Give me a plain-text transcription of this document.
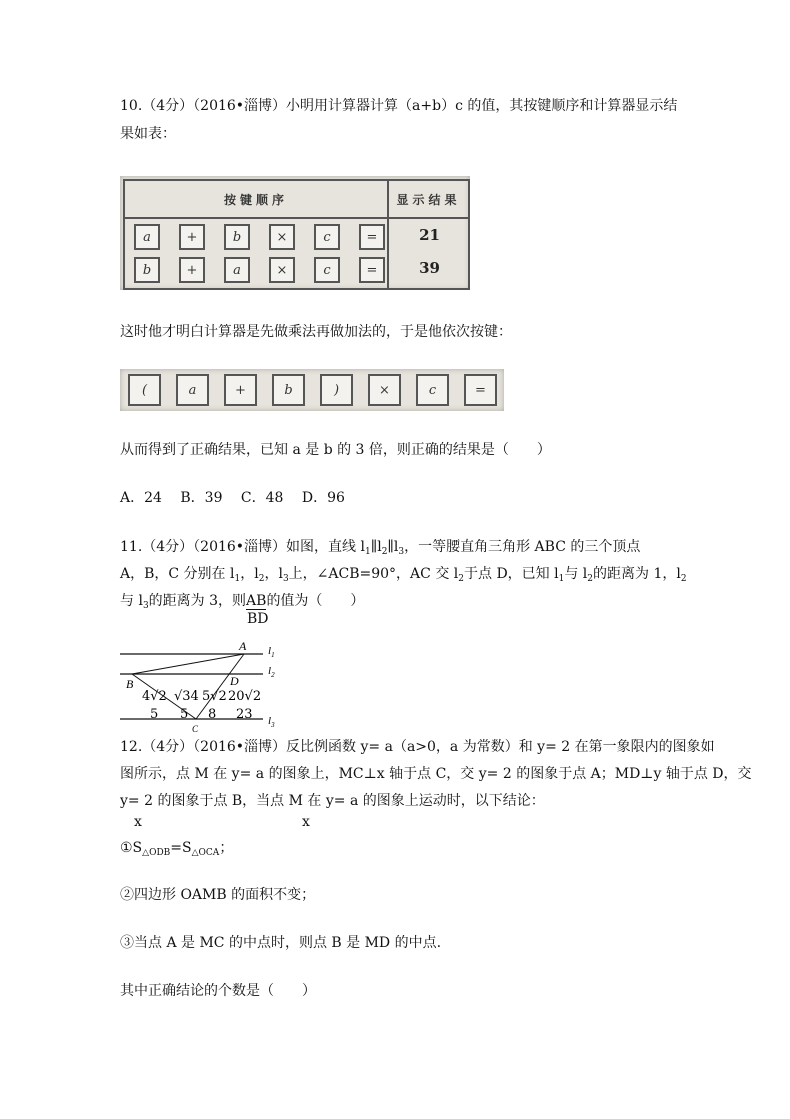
10.（4分）（2016•淄博）小明用计算器计算（a+b）c 的值，其按键顺序和计算器显示结
果如表：
按键顺序	显示结果
a	+	b	×	c	=	21
b	+	a	×	c	=	39
这时他才明白计算器是先做乘法再做加法的，于是他依次按键：
(	a	+	b	)	×	c	=
从而得到了正确结果，已知 a 是 b 的 3 倍，则正确的结果是（　　）
A．24　 B．39　 C．48　 D．96
11.（4分）（2016•淄博）如图，直线 $l_1\parallel l_2\parallel l_3$，一等腰直角三角形 ABC 的三个顶点
A，B，C 分别在 $l_1$，$l_2$，$l_3$上，∠ACB=90°，AC 交 $l_2$于点 D，已知 $l_1$与 $l_2$的距离为 1，$l_2$
与 $l_3$的距离为 3，则AB的值为（　　）
BD
A
B	D
C
$l_1$
$l_2$
$l_3$
4√2
5
√34
5
5√2
8
20√2
23
12.（4分）（2016•淄博）反比例函数 y= a（a>0，a 为常数）和 y= 2 在第一象限内的图象如
图所示，点 M 在 y= a 的图象上，MC⊥x 轴于点 C，交 y= 2 的图象于点 A；MD⊥y 轴于点 D，交
y= 2 的图象于点 B，当点 M 在 y= a 的图象上运动时，以下结论：
x	x
$①S_{\triangle ODB}=S_{\triangle OCA}$；
②四边形 OAMB 的面积不变；
③当点 A 是 MC 的中点时，则点 B 是 MD 的中点.
其中正确结论的个数是（　　）
